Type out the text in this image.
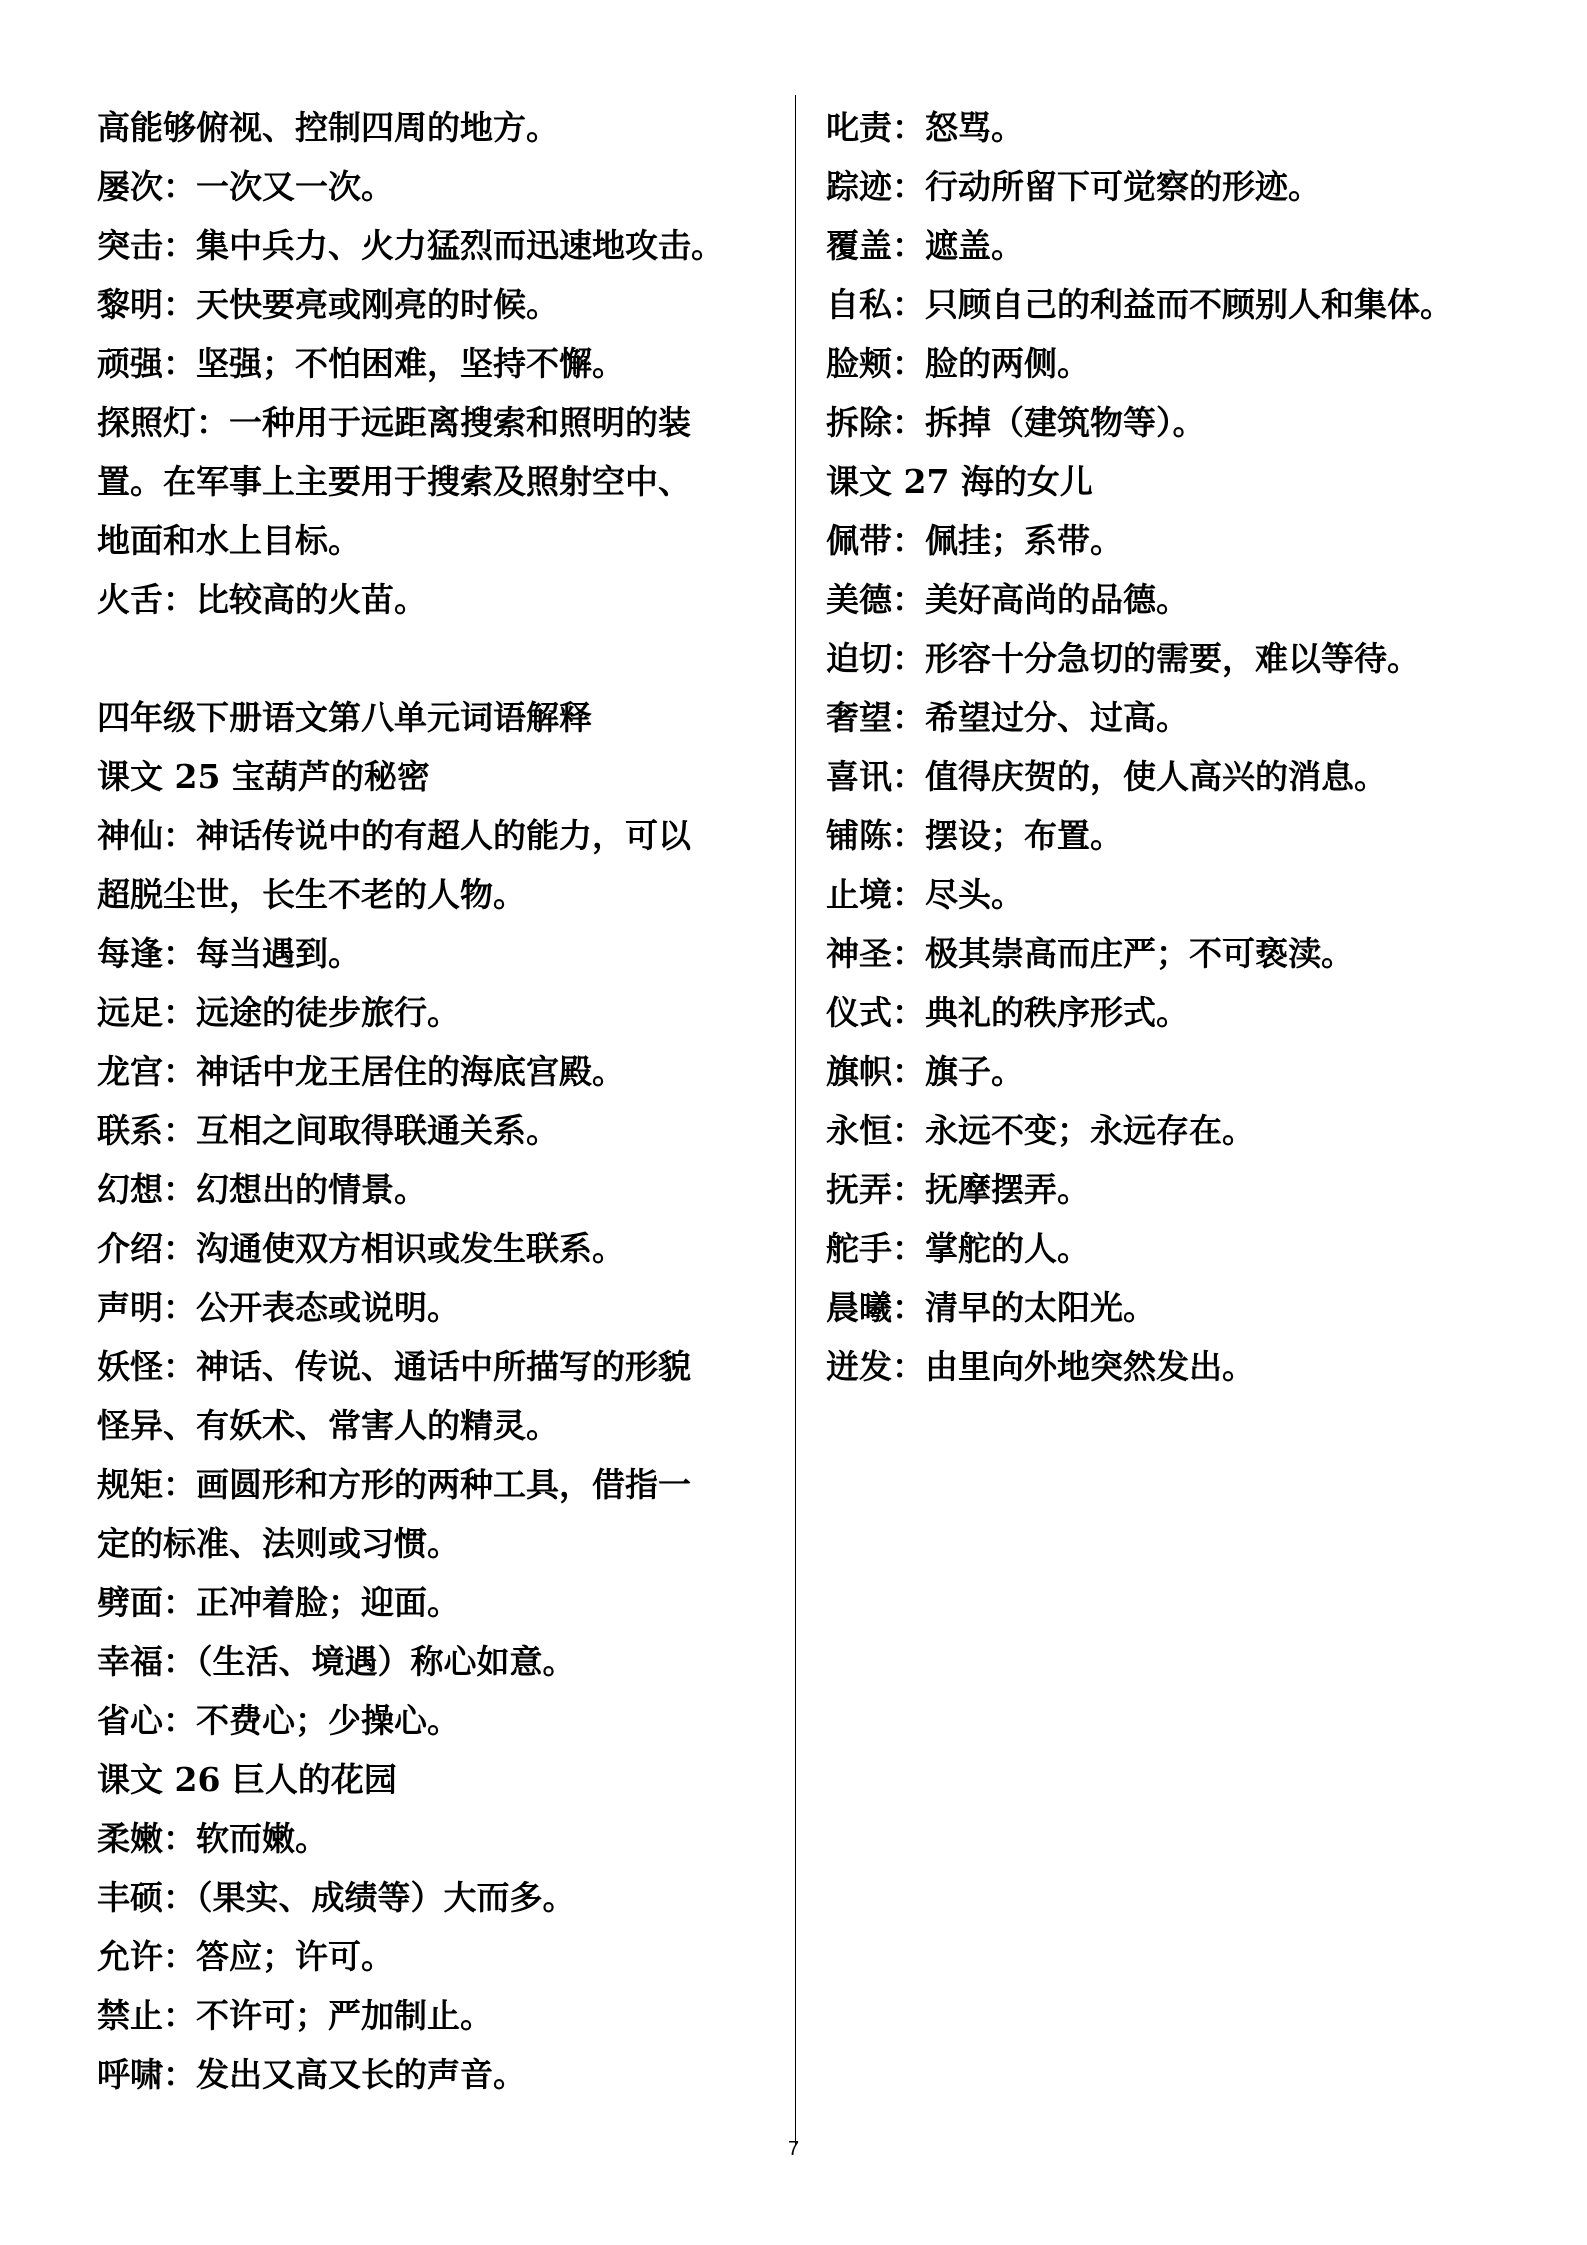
高能够俯视、控制四周的地方。
屡次：一次又一次。
突击：集中兵力、火力猛烈而迅速地攻击。
黎明：天快要亮或刚亮的时候。
顽强：坚强；不怕困难，坚持不懈。
探照灯：一种用于远距离搜索和照明的装
置。在军事上主要用于搜索及照射空中、
地面和水上目标。
火舌：比较高的火苗。
四年级下册语文第八单元词语解释
课文 25 宝葫芦的秘密
神仙：神话传说中的有超人的能力，可以
超脱尘世，长生不老的人物。
每逢：每当遇到。
远足：远途的徒步旅行。
龙宫：神话中龙王居住的海底宫殿。
联系：互相之间取得联通关系。
幻想：幻想出的情景。
介绍：沟通使双方相识或发生联系。
声明：公开表态或说明。
妖怪：神话、传说、通话中所描写的形貌
怪异、有妖术、常害人的精灵。
规矩：画圆形和方形的两种工具，借指一
定的标准、法则或习惯。
劈面：正冲着脸；迎面。
幸福：（生活、境遇）称心如意。
省心：不费心；少操心。
课文 26 巨人的花园
柔嫩：软而嫩。
丰硕：（果实、成绩等）大而多。
允许：答应；许可。
禁止：不许可；严加制止。
呼啸：发出又高又长的声音。
叱责：怒骂。
踪迹：行动所留下可觉察的形迹。
覆盖：遮盖。
自私：只顾自己的利益而不顾别人和集体。
脸颊：脸的两侧。
拆除：拆掉（建筑物等）。
课文 27 海的女儿
佩带：佩挂；系带。
美德：美好高尚的品德。
迫切：形容十分急切的需要，难以等待。
奢望：希望过分、过高。
喜讯：值得庆贺的，使人高兴的消息。
铺陈：摆设；布置。
止境：尽头。
神圣：极其崇高而庄严；不可亵渎。
仪式：典礼的秩序形式。
旗帜：旗子。
永恒：永远不变；永远存在。
抚弄：抚摩摆弄。
舵手：掌舵的人。
晨曦：清早的太阳光。
迸发：由里向外地突然发出。
7
